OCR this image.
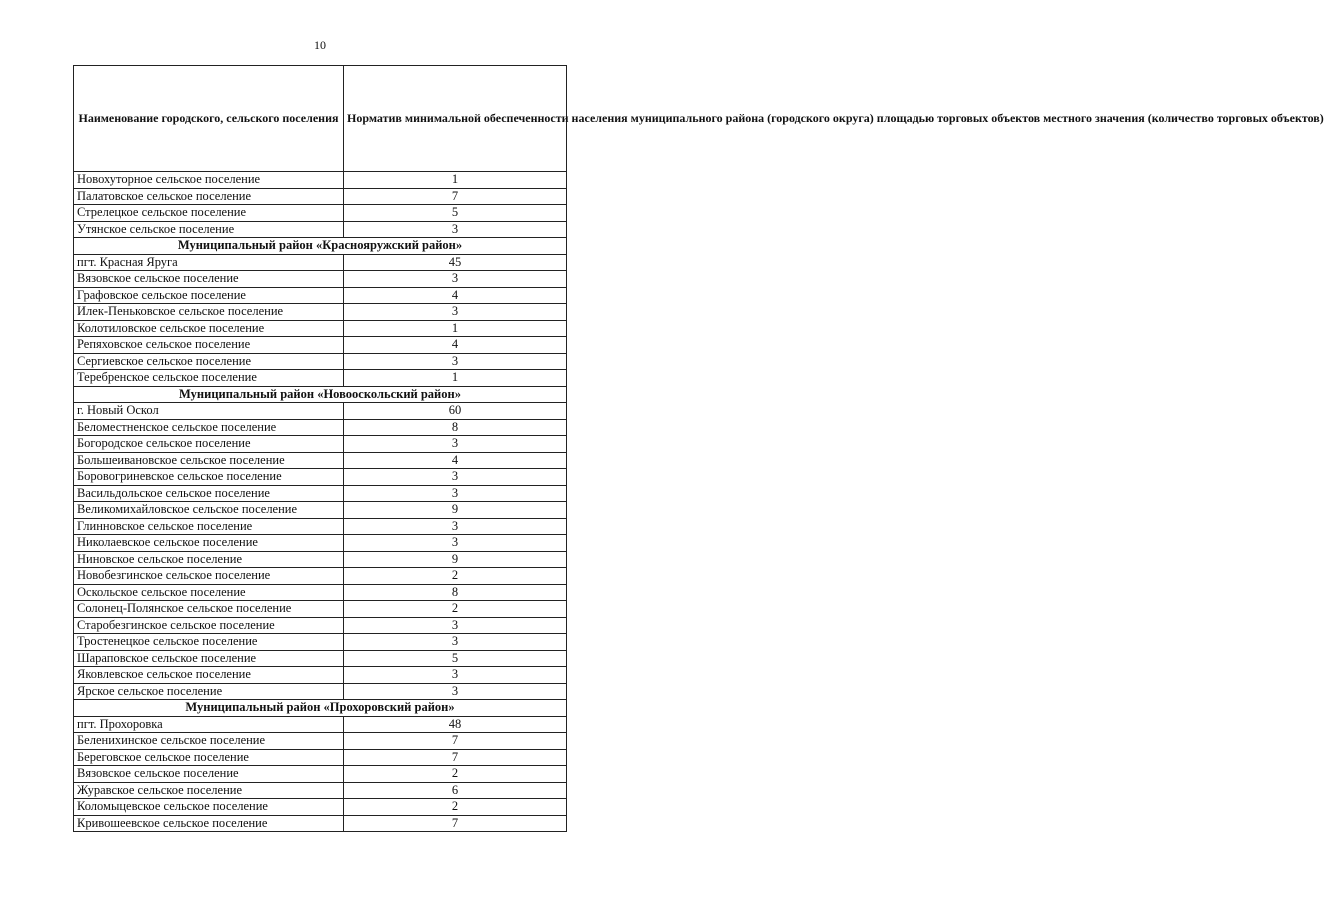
10
Наименование городского, сельского поселения	Норматив минимальной обеспеченности населения муниципального района (городского округа) площадью торговых объектов местного значения (количество торговых объектов)
Новохуторное сельское поселение	1
Палатовское сельское поселение	7
Стрелецкое сельское поселение	5
Утянское сельское поселение	3
Муниципальный район «Краснояружский район»	
пгт. Красная Яруга	45
Вязовское сельское поселение	3
Графовское сельское поселение	4
Илек-Пеньковское сельское поселение	3
Колотиловское сельское поселение	1
Репяховское сельское поселение	4
Сергиевское сельское поселение	3
Теребренское сельское поселение	1
Муниципальный район «Новооскольский район»	
г. Новый Оскол	60
Беломестненское сельское поселение	8
Богородское сельское поселение	3
Большеивановское сельское поселение	4
Боровогриневское сельское поселение	3
Васильдольское сельское поселение	3
Великомихайловское сельское поселение	9
Глинновское сельское поселение	3
Николаевское сельское поселение	3
Ниновское сельское поселение	9
Новобезгинское сельское поселение	2
Оскольское сельское поселение	8
Солонец-Полянское сельское поселение	2
Старобезгинское сельское поселение	3
Тростенецкое сельское поселение	3
Шараповское сельское поселение	5
Яковлевское сельское поселение	3
Ярское сельское поселение	3
Муниципальный район «Прохоровский район»	
пгт. Прохоровка	48
Беленихинское сельское поселение	7
Береговское сельское поселение	7
Вязовское сельское поселение	2
Журавское сельское поселение	6
Коломыцевское сельское поселение	2
Кривошеевское сельское поселение	7
